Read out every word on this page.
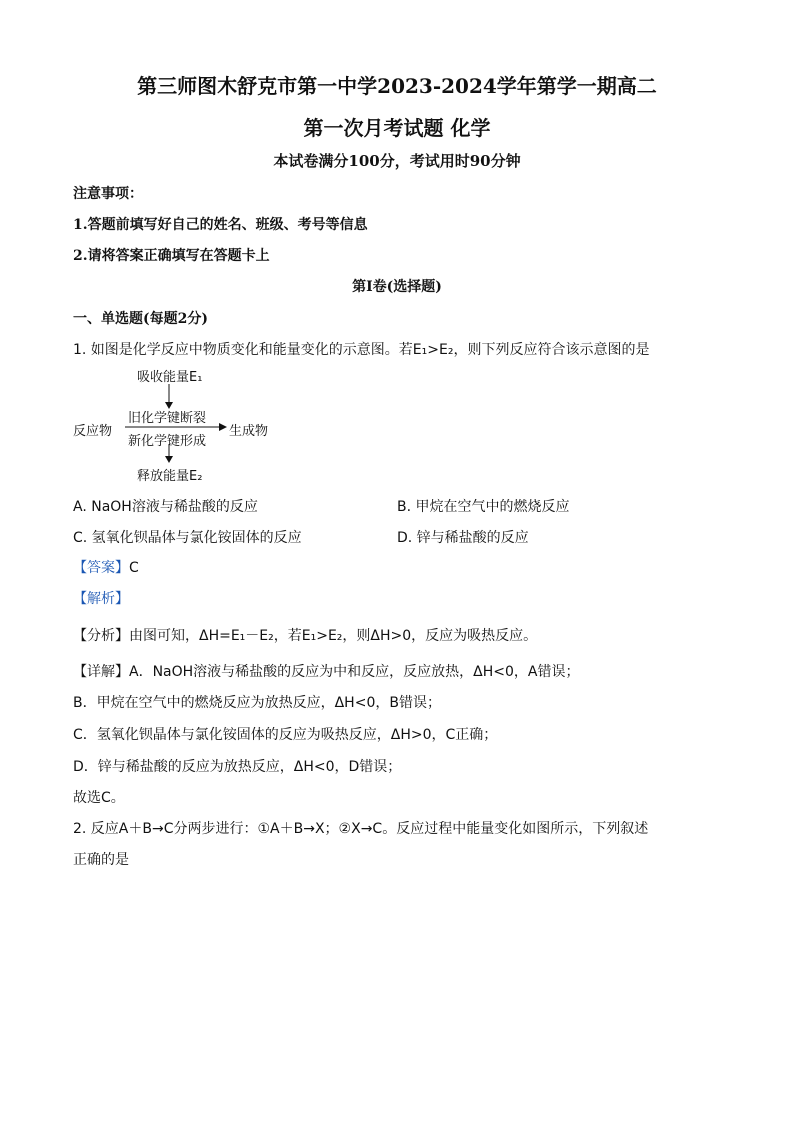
第三师图木舒克市第一中学2023-2024学年第学一期高二
第一次月考试题 化学
本试卷满分100分，考试用时90分钟
注意事项：
1.答题前填写好自己的姓名、班级、考号等信息
2.请将答案正确填写在答题卡上
第Ⅰ卷(选择题)
一、单选题(每题2分)
1. 如图是化学反应中物质变化和能量变化的示意图。若E₁>E₂，则下列反应符合该示意图的是
吸收能量E₁
旧化学键断裂
反应物	生成物
新化学键形成
释放能量E₂
A. NaOH溶液与稀盐酸的反应	B. 甲烷在空气中的燃烧反应
C. 氢氧化钡晶体与氯化铵固体的反应	D. 锌与稀盐酸的反应
【答案】C
【解析】
【分析】由图可知，ΔH=E₁－E₂，若E₁>E₂，则ΔH>0，反应为吸热反应。
【详解】A．NaOH溶液与稀盐酸的反应为中和反应，反应放热，ΔH<0，A错误；
B．甲烷在空气中的燃烧反应为放热反应，ΔH<0，B错误；
C．氢氧化钡晶体与氯化铵固体的反应为吸热反应，ΔH>0，C正确；
D．锌与稀盐酸的反应为放热反应，ΔH<0，D错误；
故选C。
2. 反应A＋B→C分两步进行：①A＋B→X；②X→C。反应过程中能量变化如图所示，下列叙述
正确的是
